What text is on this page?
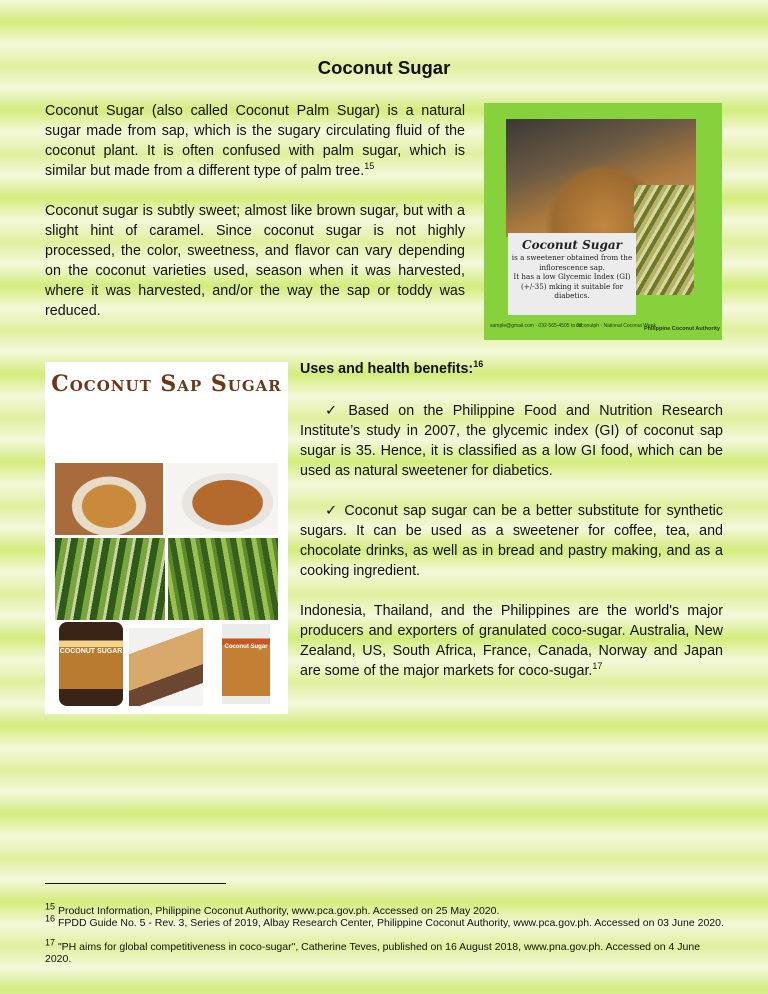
Coconut Sugar

Coconut Sugar (also called Coconut Palm Sugar) is a natural sugar made from sap, which is the sugary circulating fluid of the coconut plant. It is often confused with palm sugar, which is similar but made from a different type of palm tree.$^{15}$

Coconut sugar is subtly sweet; almost like brown sugar, but with a slight hint of caramel. Since coconut sugar is not highly processed, the color, sweetness, and flavor can vary depending on the coconut varieties used, season when it was harvested, where it was harvested, and/or the way the sap or toddy was reduced.

Coconut Sugar
is a sweetener obtained from the inflorescence sap.
It has a low Glycemic Index (GI) (+/-35) mking it suitable for diabetics.
sample@gmail.com · 032-565-4505 to 08
coconutph · National Coconut Week
Philippine Coconut Authority
Coconut Sap Sugar
COCONUT SUGAR
Coconut Sugar
Uses and health benefits:$^{16}$

✓ Based on the Philippine Food and Nutrition Research Institute’s study in 2007, the glycemic index (GI) of coconut sap sugar is 35. Hence, it is classified as a low GI food, which can be used as natural sweetener for diabetics.

✓ Coconut sap sugar can be a better substitute for synthetic sugars. It can be used as a sweetener for coffee, tea, and chocolate drinks, as well as in bread and pastry making, and as a cooking ingredient.

Indonesia, Thailand, and the Philippines are the world's major producers and exporters of granulated coco-sugar. Australia, New Zealand, US, South Africa, France, Canada, Norway and Japan are some of the major markets for coco-sugar.$^{17}$

$^{15}$ Product Information, Philippine Coconut Authority, www.pca.gov.ph. Accessed on 25 May 2020.

$^{16}$ FPDD Guide No. 5 - Rev. 3, Series of 2019, Albay Research Center, Philippine Coconut Authority, www.pca.gov.ph. Accessed on 03 June 2020.

$^{17}$ "PH aims for global competitiveness in coco-sugar", Catherine Teves, published on 16 August 2018, www.pna.gov.ph. Accessed on 4 June 2020.
